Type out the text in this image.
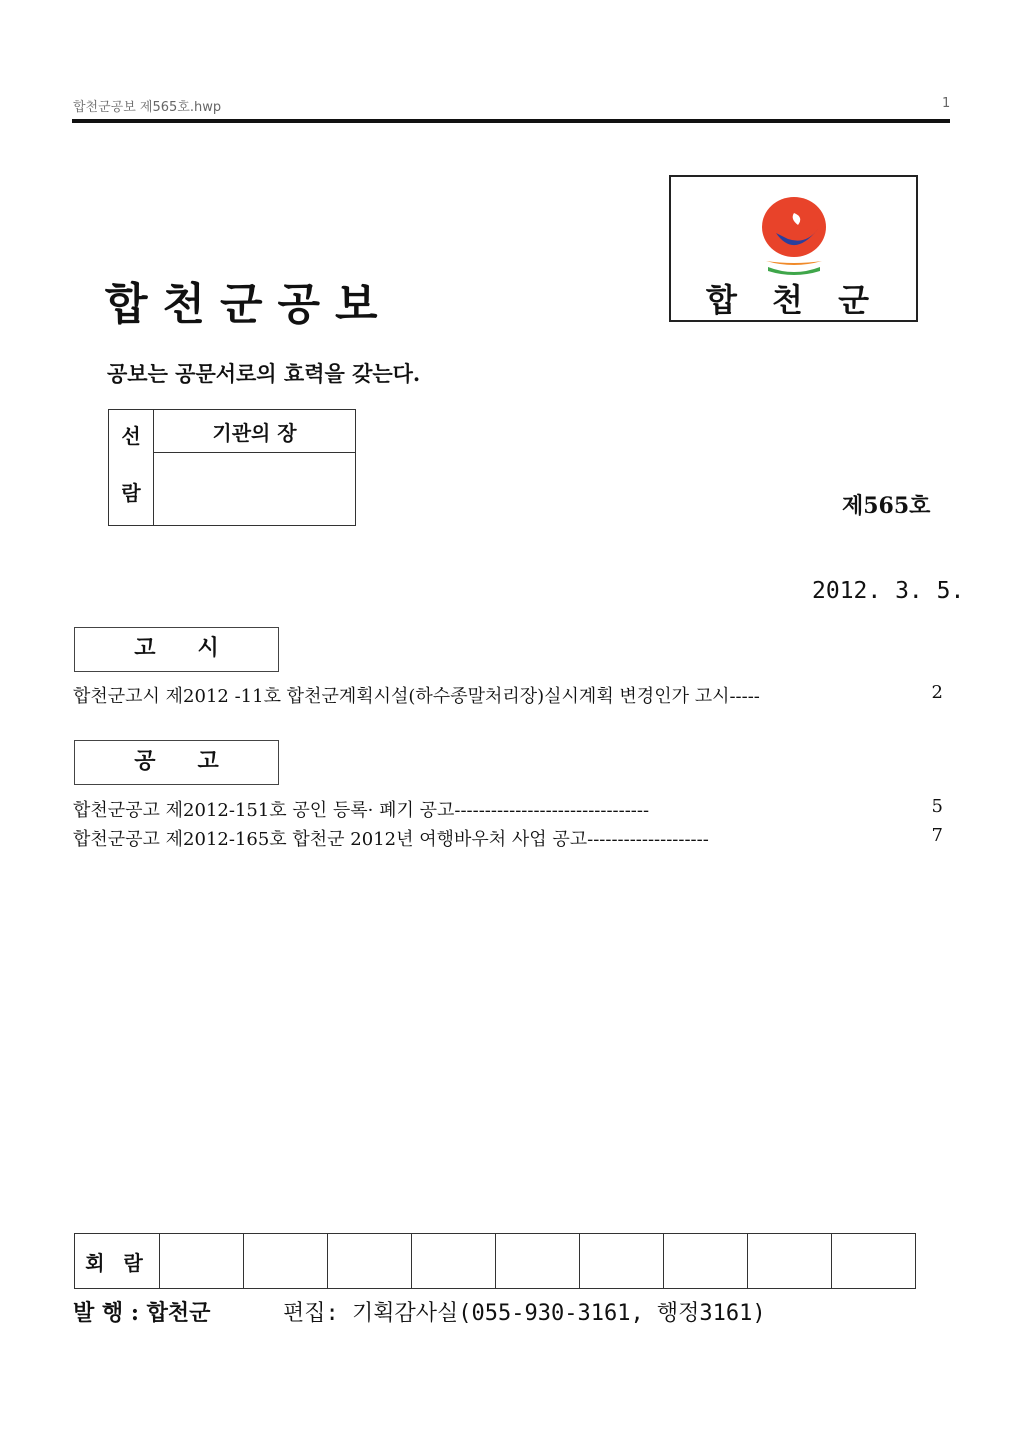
합천군공보 제565호.hwp	1
합천군공보
공보는 공문서로의 효력을 갖는다.
합 천 군
선
람
	기관의 장

제565호
2012. 3. 5.
고시
합천군고시 제2012 -11호 합천군계획시설(하수종말처리장)실시계획 변경인가 고시-----	2
공고
합천군공고 제2012-151호 공인 등록· 폐기 공고--------------------------------	5
합천군공고 제2012-165호 합천군 2012년 여행바우처 사업 공고--------------------	7
회 람									
발 행 : 합천군	편집: 기획감사실(055-930-3161, 행정3161)
